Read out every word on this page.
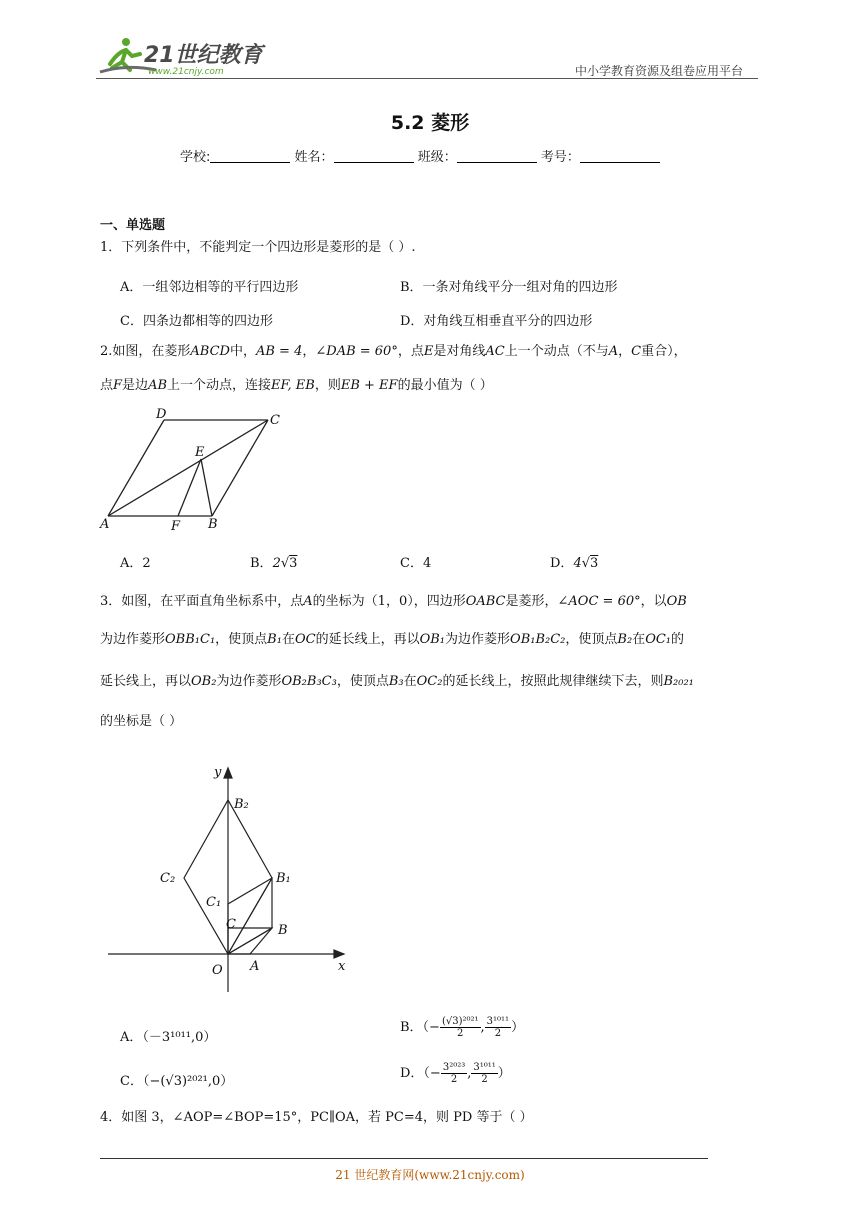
21世纪教育
www.21cnjy.com	中小学教育资源及组卷应用平台
5.2 菱形
学校:	姓名：	班级：	考号：
一、单选题
1．下列条件中，不能判定一个四边形是菱形的是（ ）.
A．一组邻边相等的平行四边形	B．一条对角线平分一组对角的四边形
C．四条边都相等的四边形	D．对角线互相垂直平分的四边形
2.如图，在菱形ABCD中，AB = 4，∠DAB = 60°，点E是对角线AC上一个动点（不与A，C重合），
点F是边AB上一个动点，连接EF, EB，则EB + EF的最小值为（ ）
A	B
C
D
E
F
A．2	B．2√3	C．4	D．4√3
3．如图，在平面直角坐标系中，点A的坐标为（1，0），四边形OABC是菱形，∠AOC = 60°，以OB
为边作菱形OBB₁C₁，使顶点B₁在OC的延长线上，再以OB₁为边作菱形OB₁B₂C₂，使顶点B₂在OC₁的
延长线上，再以OB₂为边作菱形OB₂B₃C₃，使顶点B₃在OC₂的延长线上，按照此规律继续下去，则B₂₀₂₁
的坐标是（ ）
y
x
O A
B
C
B₁
C₁
B₂
C₂
A．（－3¹⁰¹¹,0）
B．（− $\frac{\text{(√3)²⁰²¹}}{2}$ , $\frac{\text{3¹⁰¹¹}}{2}$ ）
C．（−(√3)²⁰²¹,0）
D．（− $\frac{\text{3²⁰²³}}{2}$ , $\frac{\text{3¹⁰¹¹}}{2}$ ）
4．如图 3，∠AOP=∠BOP=15°，PC∥OA，若 PC=4，则 PD 等于（ ）
21 世纪教育网(www.21cnjy.com)
